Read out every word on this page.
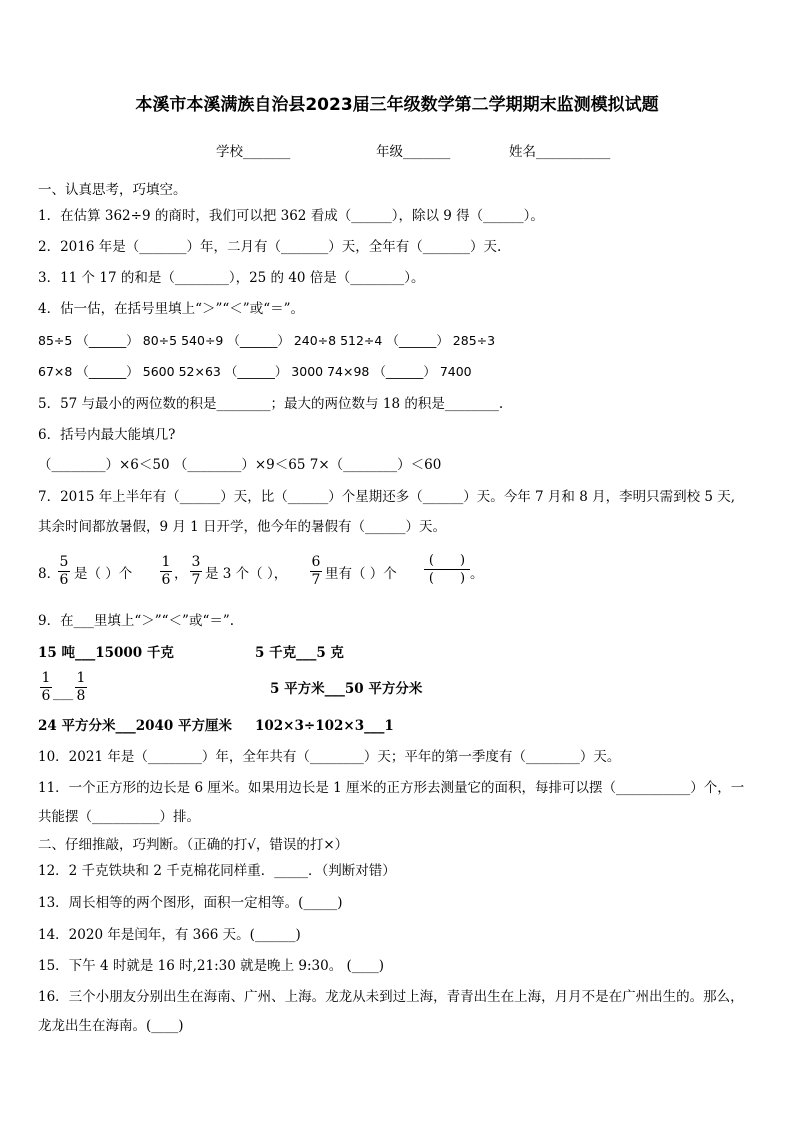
本溪市本溪满族自治县2023届三年级数学第二学期期末监测模拟试题
学校_______	年级_______	姓名___________
一、认真思考，巧填空。
1．在估算 362÷9 的商时，我们可以把 362 看成（______），除以 9 得（______）。
2．2016 年是（_______）年，二月有（_______）天，全年有（_______）天.
3．11 个 17 的和是（________），25 的 40 倍是（________）。
4．估一估，在括号里填上“＞”“＜”或“＝”。
85÷5 （______） 80÷5 540÷9 （______） 240÷8 512÷4 （______） 285÷3
67×8 （______） 5600 52×63 （______） 3000 74×98 （______） 7400
5．57 与最小的两位数的积是________；最大的两位数与 18 的积是________.
6．括号内最大能填几?
（________）×6＜50 （________）×9＜65 7×（________）＜60
7．2015 年上半年有（______）天，比（______）个星期还多（______）天。今年 7 月和 8 月，李明只需到校 5 天,
其余时间都放暑假，9 月 1 日开学，他今年的暑假有（______）天。
8．
5
6 是（ ）个
1
6 ，
3
7 是 3 个（ ），
6
7 里有（ ）个
(　　)
(　　) 。
9．在___里填上“＞”“＜”或“＝”.
15 吨___15000 千克	5 千克___5 克
1
6 ___
1
8	5 平方米___50 平方分米
24 平方分米___2040 平方厘米 102×3÷102×3___1
10．2021 年是（________）年，全年共有（________）天；平年的第一季度有（________）天。
11．一个正方形的边长是 6 厘米。如果用边长是 1 厘米的正方形去测量它的面积，每排可以摆（___________）个，一
共能摆（__________）排。
二、仔细推敲，巧判断。（正确的打√，错误的打×）
12．2 千克铁块和 2 千克棉花同样重．_____．（判断对错）
13．周长相等的两个图形，面积一定相等。(_____)
14．2020 年是闰年，有 366 天。(______)
15．下午 4 时就是 16 时,21:30 就是晚上 9:30。 (____)
16．三个小朋友分别出生在海南、广州、上海。龙龙从未到过上海，青青出生在上海，月月不是在广州出生的。那么，
龙龙出生在海南。(____)
